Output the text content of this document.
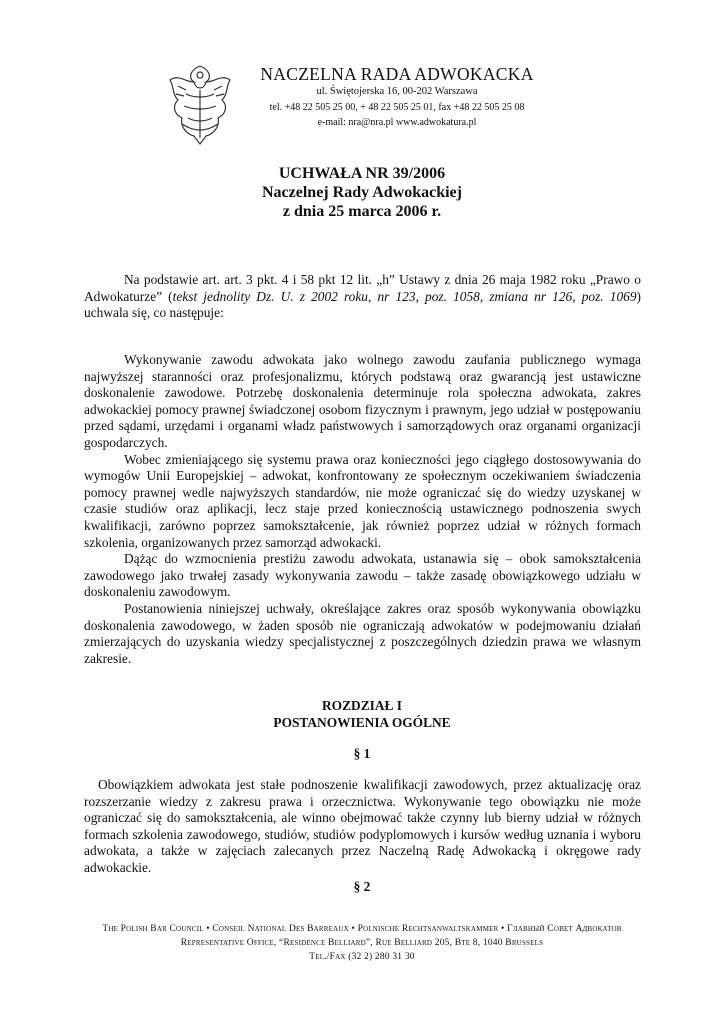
NACZELNA RADA ADWOKACKA
ul. Świętojerska 16, 00-202 Warszawa
tel. +48 22 505 25 00, + 48 22 505 25 01, fax +48 22 505 25 08
e-mail: nra@nra.pl www.adwokatura.pl
UCHWAŁA NR 39/2006
Naczelnej Rady Adwokackiej
z dnia 25 marca 2006 r.

Na podstawie art. art. 3 pkt. 4 i 58 pkt 12 lit. „h” Ustawy z dnia 26 maja 1982 roku „Prawo o Adwokaturze” (tekst jednolity Dz. U. z 2002 roku, nr 123, poz. 1058, zmiana nr 126, poz. 1069) uchwala się, co następuje:

Wykonywanie zawodu adwokata jako wolnego zawodu zaufania publicznego wymaga najwyższej staranności oraz profesjonalizmu, których podstawą oraz gwarancją jest ustawiczne doskonalenie zawodowe. Potrzebę doskonalenia determinuje rola społeczna adwokata, zakres adwokackiej pomocy prawnej świadczonej osobom fizycznym i prawnym, jego udział w postępowaniu przed sądami, urzędami i organami władz państwowych i samorządowych oraz organami organizacji gospodarczych.

Wobec zmieniającego się systemu prawa oraz konieczności jego ciągłego dostosowywania do wymogów Unii Europejskiej – adwokat, konfrontowany ze społecznym oczekiwaniem świadczenia pomocy prawnej wedle najwyższych standardów, nie może ograniczać się do wiedzy uzyskanej w czasie studiów oraz aplikacji, lecz staje przed koniecznością ustawicznego podnoszenia swych kwalifikacji, zarówno poprzez samokształcenie, jak również poprzez udział w różnych formach szkolenia, organizowanych przez samorząd adwokacki.

Dążąc do wzmocnienia prestiżu zawodu adwokata, ustanawia się – obok samokształcenia zawodowego jako trwałej zasady wykonywania zawodu – także zasadę obowiązkowego udziału w doskonaleniu zawodowym.

Postanowienia niniejszej uchwały, określające zakres oraz sposób wykonywania obowiązku doskonalenia zawodowego, w żaden sposób nie ograniczają adwokatów w podejmowaniu działań zmierzających do uzyskania wiedzy specjalistycznej z poszczególnych dziedzin prawa we własnym zakresie.

ROZDZIAŁ I
POSTANOWIENIA OGÓLNE
§ 1

Obowiązkiem adwokata jest stałe podnoszenie kwalifikacji zawodowych, przez aktualizację oraz rozszerzanie wiedzy z zakresu prawa i orzecznictwa. Wykonywanie tego obowiązku nie może ograniczać się do samokształcenia, ale winno obejmować także czynny lub bierny udział w różnych formach szkolenia zawodowego, studiów, studiów podyplomowych i kursów według uznania i wyboru adwokata, a także w zajęciach zalecanych przez Naczelną Radę Adwokacką i okręgowe rady adwokackie.

§ 2
The Polish Bar Council • Conseil National Des Barreaux • Polnische Rechtsanwaltskammer • Главный Совет Адвокатов
Representative Office, “Residence Belliard”, Rue Belliard 205, Bte 8, 1040 Brussels
Tel./Fax (32 2) 280 31 30
